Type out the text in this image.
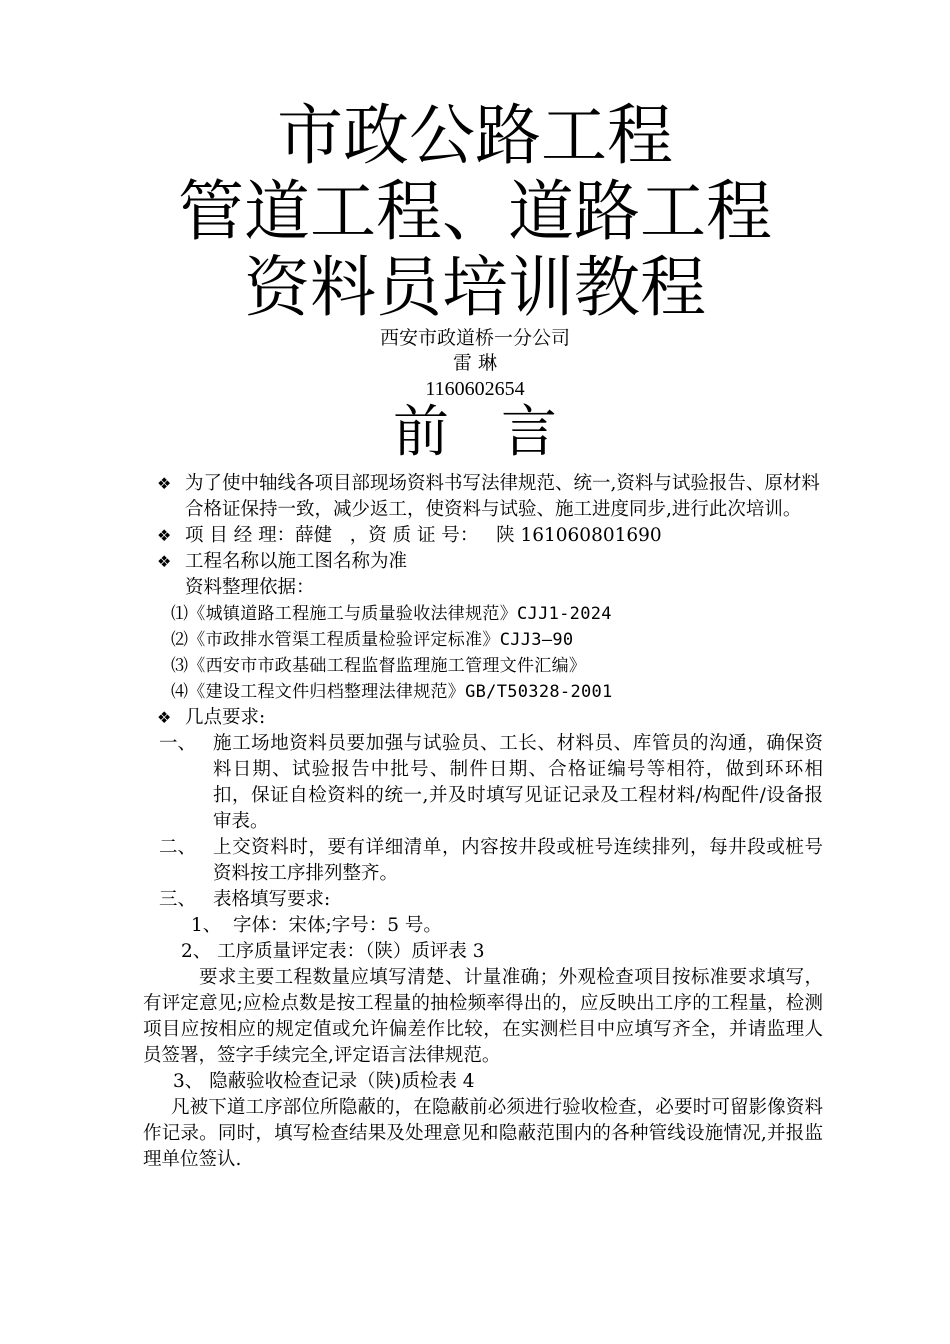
市政公路工程
管道工程、道路工程
资料员培训教程
西安市政道桥一分公司
雷 琳
1160602654
前 言
❖ 为了使中轴线各项目部现场资料书写法律规范、统一,资料与试验报告、原材料合格证保持一致，减少返工，使资料与试验、施工进度同步,进行此次培训。
❖ 项 目 经 理：薛健   ，资 质 证 号：   陕 161060801690
❖ 工程名称以施工图名称为准
资料整理依据：
⑴《城镇道路工程施工与质量验收法律规范》CJJ1-2024
⑵《市政排水管渠工程质量检验评定标准》CJJ3—90
⑶《西安市市政基础工程监督监理施工管理文件汇编》
⑷《建设工程文件归档整理法律规范》GB/T50328-2001
❖ 几点要求:
一、 施工场地资料员要加强与试验员、工长、材料员、库管员的沟通，确保资料日期、试验报告中批号、制件日期、合格证编号等相符，做到环环相扣，保证自检资料的统一,并及时填写见证记录及工程材料/构配件/设备报审表。
二、 上交资料时，要有详细清单，内容按井段或桩号连续排列，每井段或桩号资料按工序排列整齐。
三、 表格填写要求:
1、  字体：宋体;字号：5 号。
2、 工序质量评定表：（陕）质评表 3
要求主要工程数量应填写清楚、计量准确；外观检查项目按标准要求填写，有评定意见;应检点数是按工程量的抽检频率得出的，应反映出工序的工程量，检测项目应按相应的规定值或允许偏差作比较，在实测栏目中应填写齐全，并请监理人员签署，签字手续完全,评定语言法律规范。
3、 隐蔽验收检查记录（陕)质检表 4
凡被下道工序部位所隐蔽的，在隐蔽前必须进行验收检查，必要时可留影像资料作记录。同时，填写检查结果及处理意见和隐蔽范围内的各种管线设施情况,并报监理单位签认.
